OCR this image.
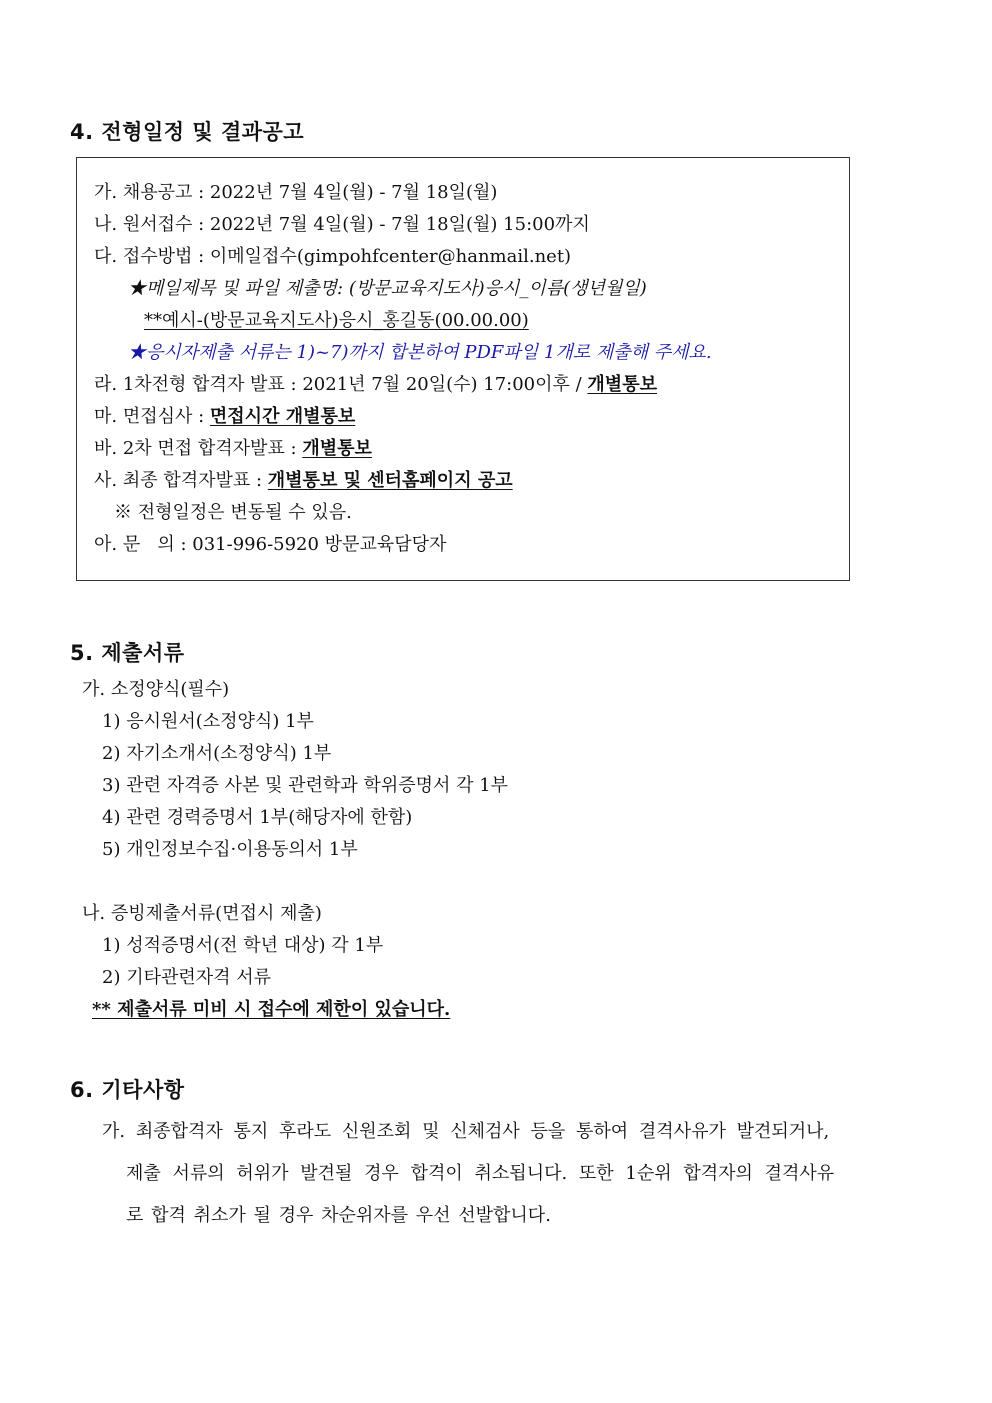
4. 전형일정 및 결과공고
가. 채용공고 : 2022년 7월 4일(월) - 7월 18일(월)
나. 원서접수 : 2022년 7월 4일(월) - 7월 18일(월) 15:00까지
다. 접수방법 : 이메일접수(gimpohfcenter@hanmail.net)
★메일제목 및 파일 제출명: (방문교육지도사)응시_이름(생년월일)
**예시-(방문교육지도사)응시_홍길동(00.00.00)
★응시자제출 서류는 1)~7)까지 합본하여 PDF파일 1개로 제출해 주세요.
라. 1차전형 합격자 발표 : 2021년 7월 20일(수) 17:00이후 / 개별통보
마. 면접심사 : 면접시간 개별통보
바. 2차 면접 합격자발표 : 개별통보
사. 최종 합격자발표 : 개별통보 및 센터홈페이지 공고
※ 전형일정은 변동될 수 있음.
아. 문   의 : 031-996-5920 방문교육담당자
5. 제출서류
가. 소정양식(필수)
1) 응시원서(소정양식) 1부
2) 자기소개서(소정양식) 1부
3) 관련 자격증 사본 및 관련학과 학위증명서 각 1부
4) 관련 경력증명서 1부(해당자에 한함)
5) 개인정보수집·이용동의서 1부
나. 증빙제출서류(면접시 제출)
1) 성적증명서(전 학년 대상) 각 1부
2) 기타관련자격 서류
** 제출서류 미비 시 접수에 제한이 있습니다.
6. 기타사항
가. 최종합격자 통지 후라도 신원조회 및 신체검사 등을 통하여 결격사유가 발견되거나,
제출 서류의 허위가 발견될 경우 합격이 취소됩니다. 또한 1순위 합격자의 결격사유
로 합격 취소가 될 경우 차순위자를 우선 선발합니다.
